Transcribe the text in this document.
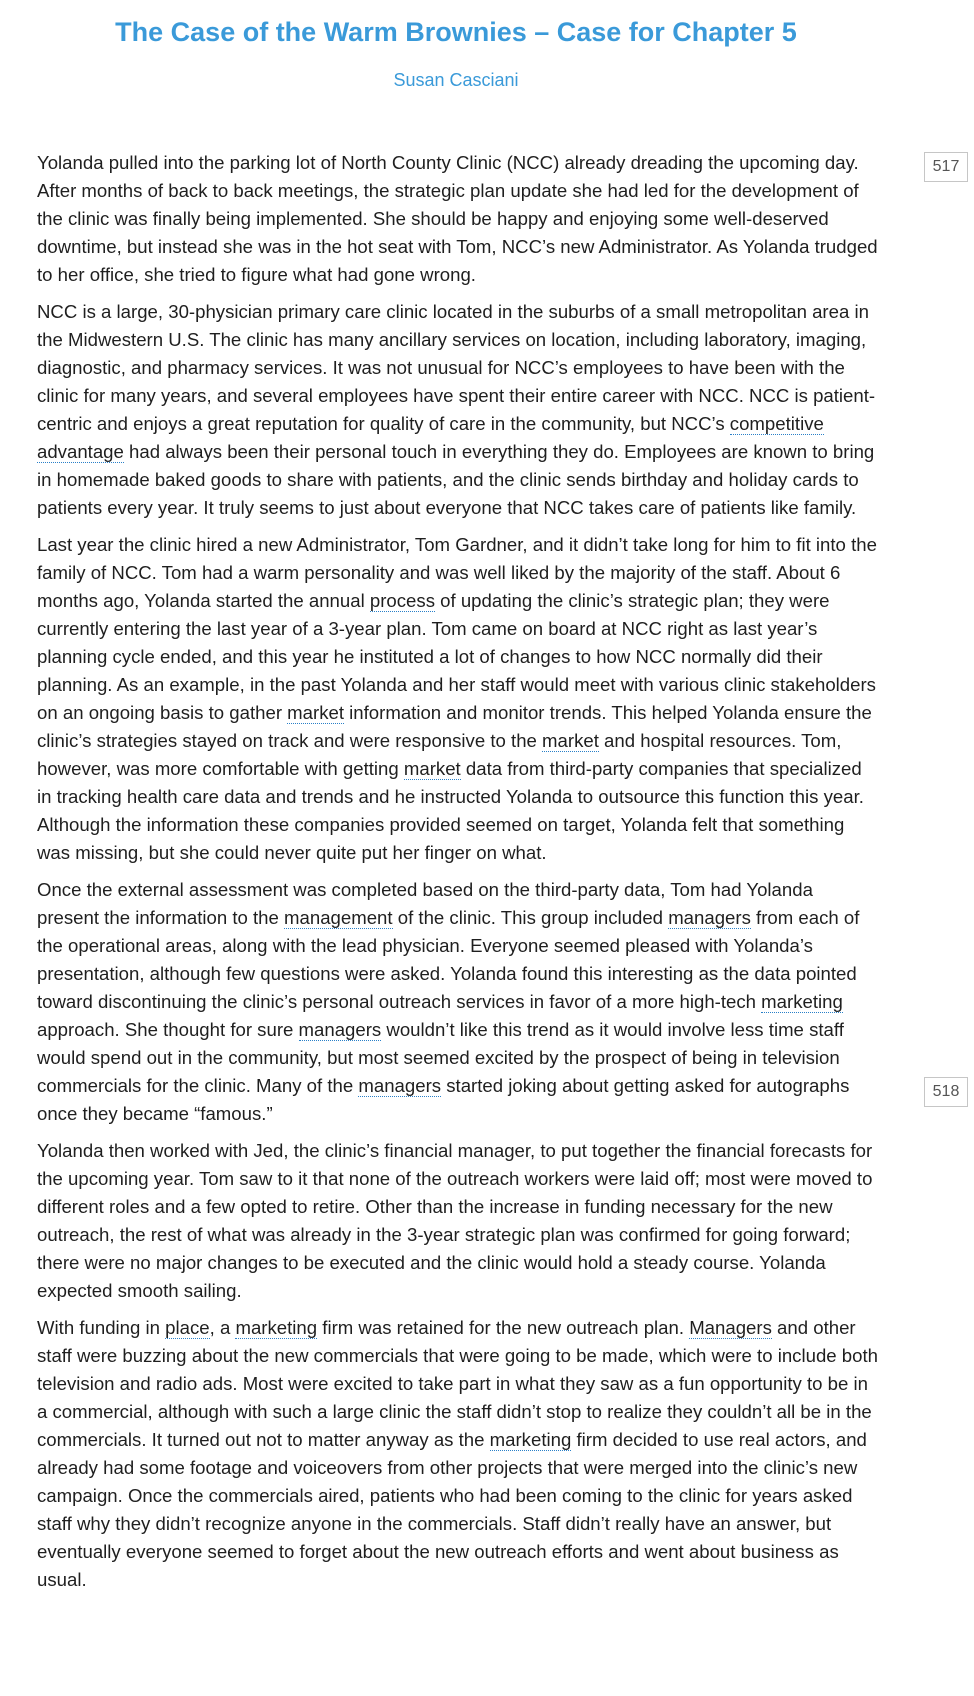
The Case of the Warm Brownies – Case for Chapter 5
Susan Casciani
517
518

Yolanda pulled into the parking lot of North County Clinic (NCC) already dreading the upcoming day. After months of back to back meetings, the strategic plan update she had led for the development of the clinic was finally being implemented. She should be happy and enjoying some well-deserved downtime, but instead she was in the hot seat with Tom, NCC’s new Administrator. As Yolanda trudged to her office, she tried to figure what had gone wrong.

NCC is a large, 30-physician primary care clinic located in the suburbs of a small metropolitan area in the Midwestern U.S. The clinic has many ancillary services on location, including laboratory, imaging, diagnostic, and pharmacy services. It was not unusual for NCC’s employees to have been with the clinic for many years, and several employees have spent their entire career with NCC. NCC is patient-centric and enjoys a great reputation for quality of care in the community, but NCC’s competitive advantage had always been their personal touch in everything they do. Employees are known to bring in homemade baked goods to share with patients, and the clinic sends birthday and holiday cards to patients every year. It truly seems to just about everyone that NCC takes care of patients like family.

Last year the clinic hired a new Administrator, Tom Gardner, and it didn’t take long for him to fit into the family of NCC. Tom had a warm personality and was well liked by the majority of the staff. About 6 months ago, Yolanda started the annual process of updating the clinic’s strategic plan; they were currently entering the last year of a 3-year plan. Tom came on board at NCC right as last year’s planning cycle ended, and this year he instituted a lot of changes to how NCC normally did their planning. As an example, in the past Yolanda and her staff would meet with various clinic stakeholders on an ongoing basis to gather market information and monitor trends. This helped Yolanda ensure the clinic’s strategies stayed on track and were responsive to the market and hospital resources. Tom, however, was more comfortable with getting market data from third-party companies that specialized in tracking health care data and trends and he instructed Yolanda to outsource this function this year. Although the information these companies provided seemed on target, Yolanda felt that something was missing, but she could never quite put her finger on what.

Once the external assessment was completed based on the third-party data, Tom had Yolanda present the information to the management of the clinic. This group included managers from each of the operational areas, along with the lead physician. Everyone seemed pleased with Yolanda’s presentation, although few questions were asked. Yolanda found this interesting as the data pointed toward discontinuing the clinic’s personal outreach services in favor of a more high-tech marketing approach. She thought for sure managers wouldn’t like this trend as it would involve less time staff would spend out in the community, but most seemed excited by the prospect of being in television commercials for the clinic. Many of the managers started joking about getting asked for autographs once they became “famous.”

Yolanda then worked with Jed, the clinic’s financial manager, to put together the financial forecasts for the upcoming year. Tom saw to it that none of the outreach workers were laid off; most were moved to different roles and a few opted to retire. Other than the increase in funding necessary for the new outreach, the rest of what was already in the 3-year strategic plan was confirmed for going forward; there were no major changes to be executed and the clinic would hold a steady course. Yolanda expected smooth sailing.

With funding in place, a marketing firm was retained for the new outreach plan. Managers and other staff were buzzing about the new commercials that were going to be made, which were to include both television and radio ads. Most were excited to take part in what they saw as a fun opportunity to be in a commercial, although with such a large clinic the staff didn’t stop to realize they couldn’t all be in the commercials. It turned out not to matter anyway as the marketing firm decided to use real actors, and already had some footage and voiceovers from other projects that were merged into the clinic’s new campaign. Once the commercials aired, patients who had been coming to the clinic for years asked staff why they didn’t recognize anyone in the commercials. Staff didn’t really have an answer, but eventually everyone seemed to forget about the new outreach efforts and went about business as usual.
